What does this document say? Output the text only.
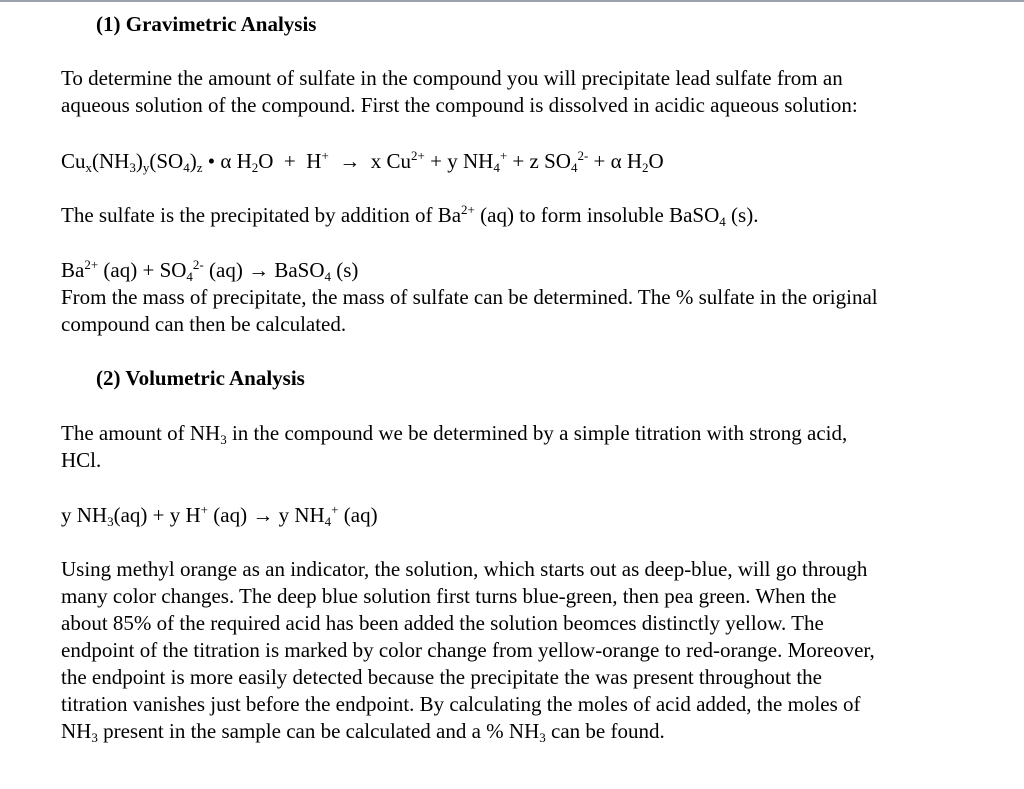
(1) Gravimetric Analysis
To determine the amount of sulfate in the compound you will precipitate lead sulfate from an
aqueous solution of the compound. First the compound is dissolved in acidic aqueous solution:
$Cu_x(NH_3)_y(SO_4)_z$ • α $H_2O + H^+ \to x$ $Cu^{2+} + y$ $NH_4^+ + z$ $SO_4^{2-} + \alpha$ $H_2O$
The sulfate is the precipitated by addition of $Ba^{2+}$ (aq) to form insoluble BaSO$_4$ (s).
$Ba^{2+}$ $(aq) + SO_4^{2-}$ (aq) → BaSO$_4$ (s)
From the mass of precipitate, the mass of sulfate can be determined. The % sulfate in the original
compound can then be calculated.
(2) Volumetric Analysis
The amount of $NH_3$ in the compound we be determined by a simple titration with strong acid,
HCl.
y $NH_3(aq) + y$ H+ (aq) → y $NH_4^+$ (aq)
Using methyl orange as an indicator, the solution, which starts out as deep-blue, will go through
many color changes. The deep blue solution first turns blue-green, then pea green. When the
about 85% of the required acid has been added the solution beomces distinctly yellow. The
endpoint of the titration is marked by color change from yellow-orange to red-orange. Moreover,
the endpoint is more easily detected because the precipitate the was present throughout the
titration vanishes just before the endpoint. By calculating the moles of acid added, the moles of
$NH_3$ present in the sample can be calculated and a % $NH_3$ can be found.
